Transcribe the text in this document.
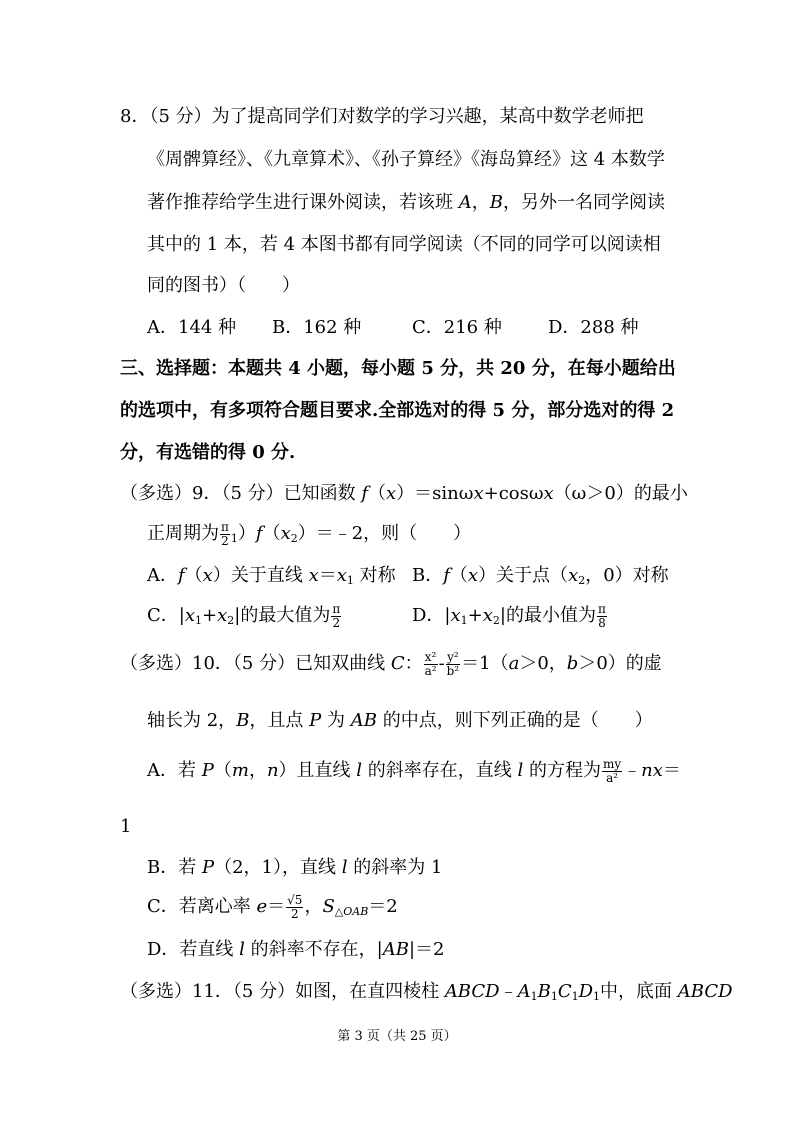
8．（5 分）为了提高同学们对数学的学习兴趣，某高中数学老师把
《周髀算经》、《九章算术》、《孙子算经》《海岛算经》这 4 本数学
著作推荐给学生进行课外阅读，若该班 A，B，另外一名同学阅读
其中的 1 本，若 4 本图书都有同学阅读（不同的同学可以阅读相
同的图书）（　　）
A．144 种 B．162 种	C．216 种	D．288 种
三、选择题：本题共 4 小题，每小题 5 分，共 20 分，在每小题给出
的选项中，有多项符合题目要求.全部选对的得 5 分，部分选对的得 2
分，有选错的得 0 分.
（多选）9．（5 分）已知函数 f（x）＝sinωx+cosωx（ω＞0）的最小
正周期为 $\frac{\pi}{2}$ $_1)f(x_2)=﹣2$，则（　　）
A．f（x）关于直线 $x=x_1$ 对称 B．f（x）关于点（$x_2$，0）对称
C．$|x_1+x_2|$的最大值为 $\frac{\pi}{2}$	D．$|x_1+x_2|$的最小值为 $\frac{\pi}{8}$
（多选）10．（5 分）已知双曲线 C： $\frac{\text{x²}}{\text{a²}} - \frac{\text{y²}}{\text{b²}} =1(a>0$，b＞0）的虚
轴长为 2，B，且点 P 为 AB 的中点，则下列正确的是（　　）
A．若 P（m，n）且直线 l 的斜率存在，直线 l 的方程为 $\frac{my}{\text{a²}}$ ﹣nx＝
1
B．若 P（2，1），直线 l 的斜率为 1
C．若离心率 $e= \frac{√5}{2}$ ，$S_{\triangle OAB}=2$
D．若直线 l 的斜率不存在，|AB|＝2
（多选）11．（5 分）如图，在直四棱柱 $ABCD﹣A_1B_1C_1D_1$中，底面 ABCD
第 3 页（共 25 页）
